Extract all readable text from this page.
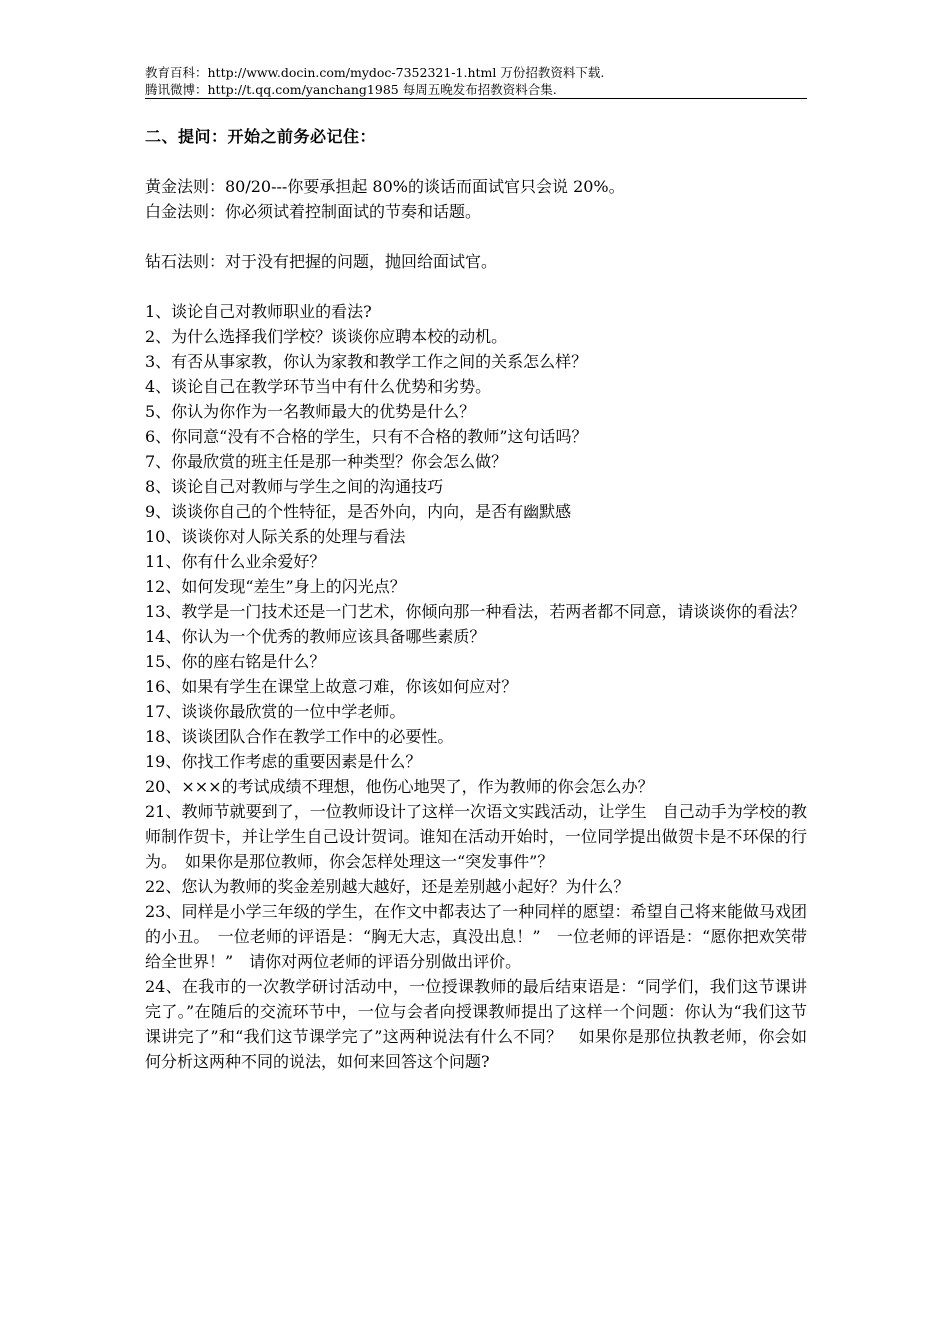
教育百科：http://www.docin.com/mydoc-7352321-1.html 万份招教资料下载.
腾讯微博：http://t.qq.com/yanchang1985 每周五晚发布招教资料合集.
二、提问：开始之前务必记住：

黄金法则：80/20---你要承担起 80%的谈话而面试官只会说 20%。

白金法则：你必须试着控制面试的节奏和话题。

钻石法则：对于没有把握的问题，抛回给面试官。

1、谈论自己对教师职业的看法?

2、为什么选择我们学校？谈谈你应聘本校的动机。

3、有否从事家教，你认为家教和教学工作之间的关系怎么样？

4、谈论自己在教学环节当中有什么优势和劣势。

5、你认为你作为一名教师最大的优势是什么？

6、你同意“没有不合格的学生，只有不合格的教师”这句话吗？

7、你最欣赏的班主任是那一种类型？你会怎么做？

8、谈论自己对教师与学生之间的沟通技巧

9、谈谈你自己的个性特征，是否外向，内向，是否有幽默感

10、谈谈你对人际关系的处理与看法

11、你有什么业余爱好？

12、如何发现“差生”身上的闪光点？

13、教学是一门技术还是一门艺术，你倾向那一种看法，若两者都不同意，请谈谈你的看法？

14、你认为一个优秀的教师应该具备哪些素质？

15、你的座右铭是什么？

16、如果有学生在课堂上故意刁难，你该如何应对？

17、谈谈你最欣赏的一位中学老师。

18、谈谈团队合作在教学工作中的必要性。

19、你找工作考虑的重要因素是什么？

20、×××的考试成绩不理想，他伤心地哭了，作为教师的你会怎么办？

21、教师节就要到了，一位教师设计了这样一次语文实践活动，让学生　自己动手为学校的教师制作贺卡，并让学生自己设计贺词。谁知在活动开始时，一位同学提出做贺卡是不环保的行为。　如果你是那位教师，你会怎样处理这一“突发事件”？

22、您认为教师的奖金差别越大越好，还是差别越小起好？为什么？

23、同样是小学三年级的学生，在作文中都表达了一种同样的愿望：希望自己将来能做马戏团的小丑。　一位老师的评语是：“胸无大志，真没出息！”　一位老师的评语是：“愿你把欢笑带给全世界！”　请你对两位老师的评语分别做出评价。

24、在我市的一次教学研讨活动中，一位授课教师的最后结束语是：“同学们，我们这节课讲完了。”在随后的交流环节中，一位与会者向授课教师提出了这样一个问题：你认为“我们这节课讲完了”和“我们这节课学完了”这两种说法有什么不同？　如果你是那位执教老师，你会如何分析这两种不同的说法，如何来回答这个问题?
